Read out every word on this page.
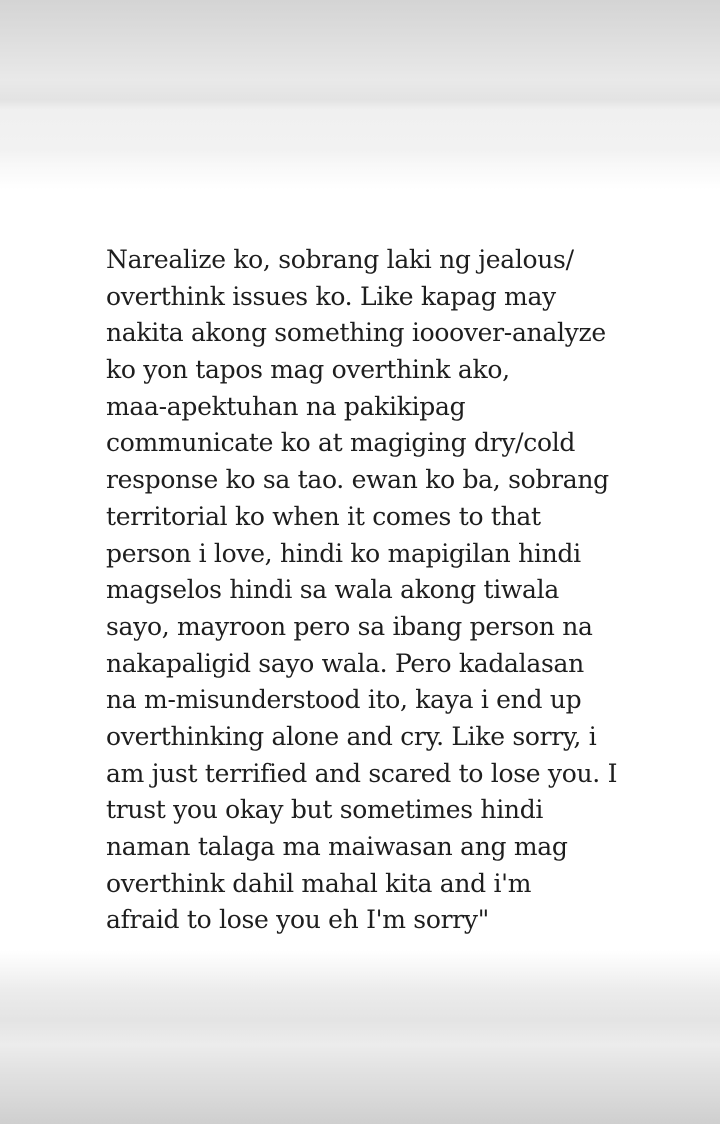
Narealize ko, sobrang laki ng jealous/
overthink issues ko. Like kapag may
nakita akong something iooover-analyze
ko yon tapos mag overthink ako,
maa-apektuhan na pakikipag
communicate ko at magiging dry/cold
response ko sa tao. ewan ko ba, sobrang
territorial ko when it comes to that
person i love, hindi ko mapigilan hindi
magselos hindi sa wala akong tiwala
sayo, mayroon pero sa ibang person na
nakapaligid sayo wala. Pero kadalasan
na m-misunderstood ito, kaya i end up
overthinking alone and cry. Like sorry, i
am just terrified and scared to lose you. I
trust you okay but sometimes hindi
naman talaga ma maiwasan ang mag
overthink dahil mahal kita and i'm
afraid to lose you eh I'm sorry"
